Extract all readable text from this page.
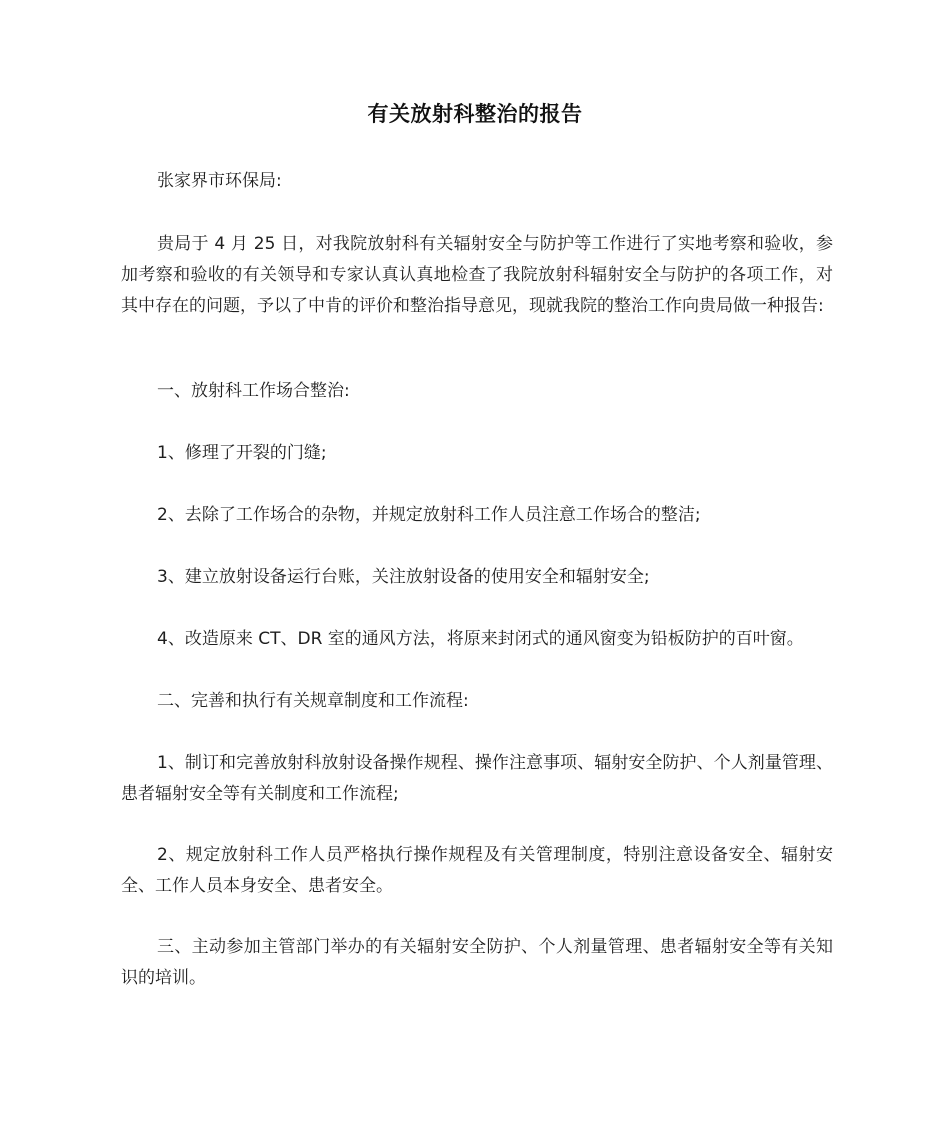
有关放射科整治的报告
张家界市环保局:
贵局于 4 月 25 日，对我院放射科有关辐射安全与防护等工作进行了实地考察和验收，参加考察和验收的有关领导和专家认真认真地检查了我院放射科辐射安全与防护的各项工作，对其中存在的问题，予以了中肯的评价和整治指导意见，现就我院的整治工作向贵局做一种报告:
一、放射科工作场合整治:
1、修理了开裂的门缝;
2、去除了工作场合的杂物，并规定放射科工作人员注意工作场合的整洁;
3、建立放射设备运行台账，关注放射设备的使用安全和辐射安全;
4、改造原来 CT、DR 室的通风方法，将原来封闭式的通风窗变为铅板防护的百叶窗。
二、完善和执行有关规章制度和工作流程:
1、制订和完善放射科放射设备操作规程、操作注意事项、辐射安全防护、个人剂量管理、患者辐射安全等有关制度和工作流程;
2、规定放射科工作人员严格执行操作规程及有关管理制度，特别注意设备安全、辐射安全、工作人员本身安全、患者安全。
三、主动参加主管部门举办的有关辐射安全防护、个人剂量管理、患者辐射安全等有关知识的培训。
